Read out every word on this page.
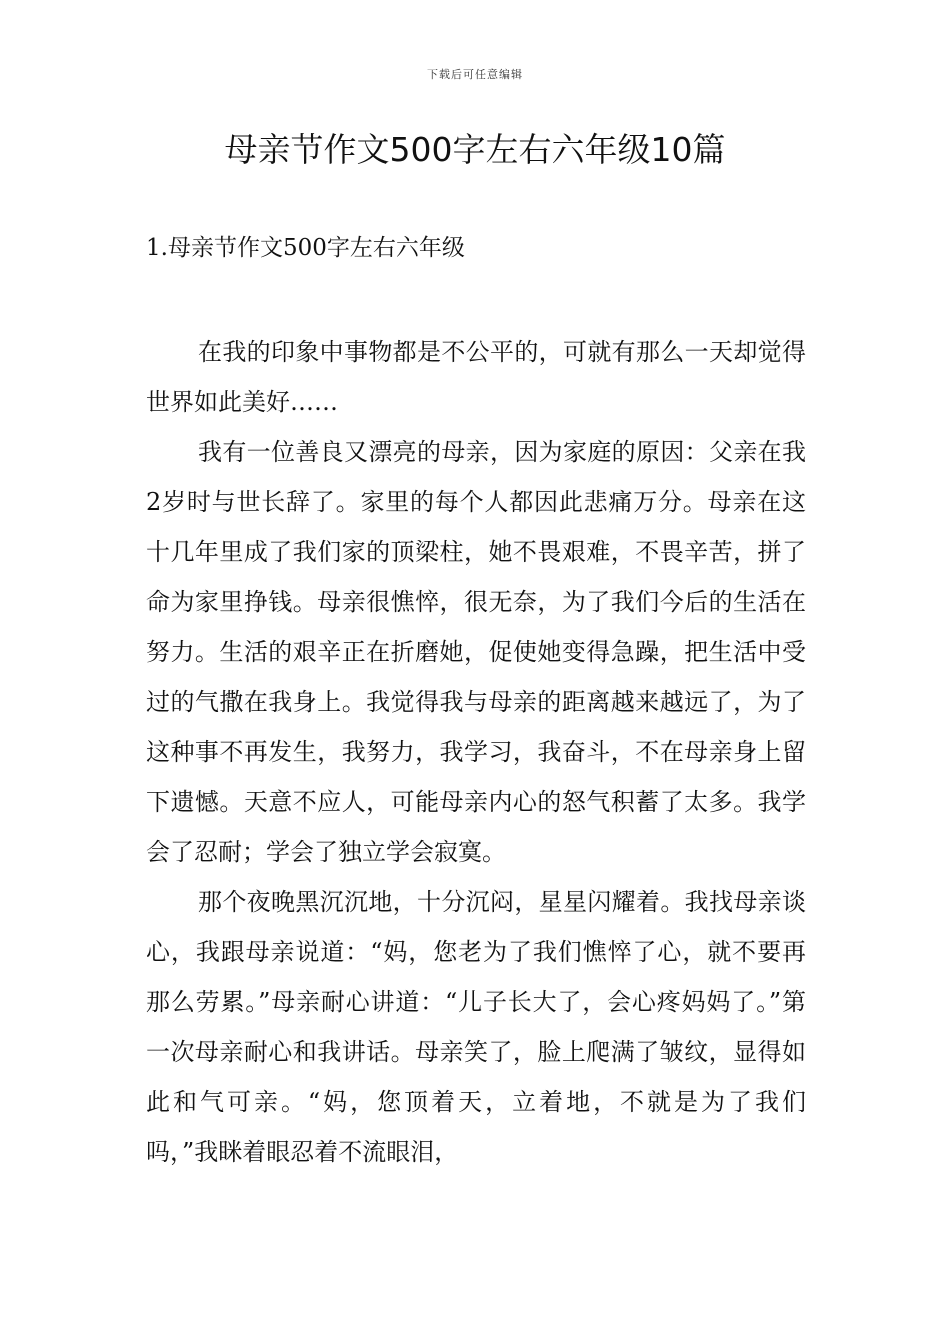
下载后可任意编辑
母亲节作文500字左右六年级10篇
1.母亲节作文500字左右六年级

在我的印象中事物都是不公平的，可就有那么一天却觉得世界如此美好……

我有一位善良又漂亮的母亲，因为家庭的原因：父亲在我2岁时与世长辞了。家里的每个人都因此悲痛万分。母亲在这十几年里成了我们家的顶梁柱，她不畏艰难，不畏辛苦，拼了命为家里挣钱。母亲很憔悴，很无奈，为了我们今后的生活在努力。生活的艰辛正在折磨她，促使她变得急躁，把生活中受过的气撒在我身上。我觉得我与母亲的距离越来越远了，为了这种事不再发生，我努力，我学习，我奋斗，不在母亲身上留下遗憾。天意不应人，可能母亲内心的怒气积蓄了太多。我学会了忍耐；学会了独立学会寂寞。

那个夜晚黑沉沉地，十分沉闷，星星闪耀着。我找母亲谈心，我跟母亲说道：“妈，您老为了我们憔悴了心，就不要再那么劳累。”母亲耐心讲道：“儿子长大了，会心疼妈妈了。”第一次母亲耐心和我讲话。母亲笑了，脸上爬满了皱纹，显得如此和气可亲。“妈，您顶着天，立着地，不就是为了我们吗，”我眯着眼忍着不流眼泪，
